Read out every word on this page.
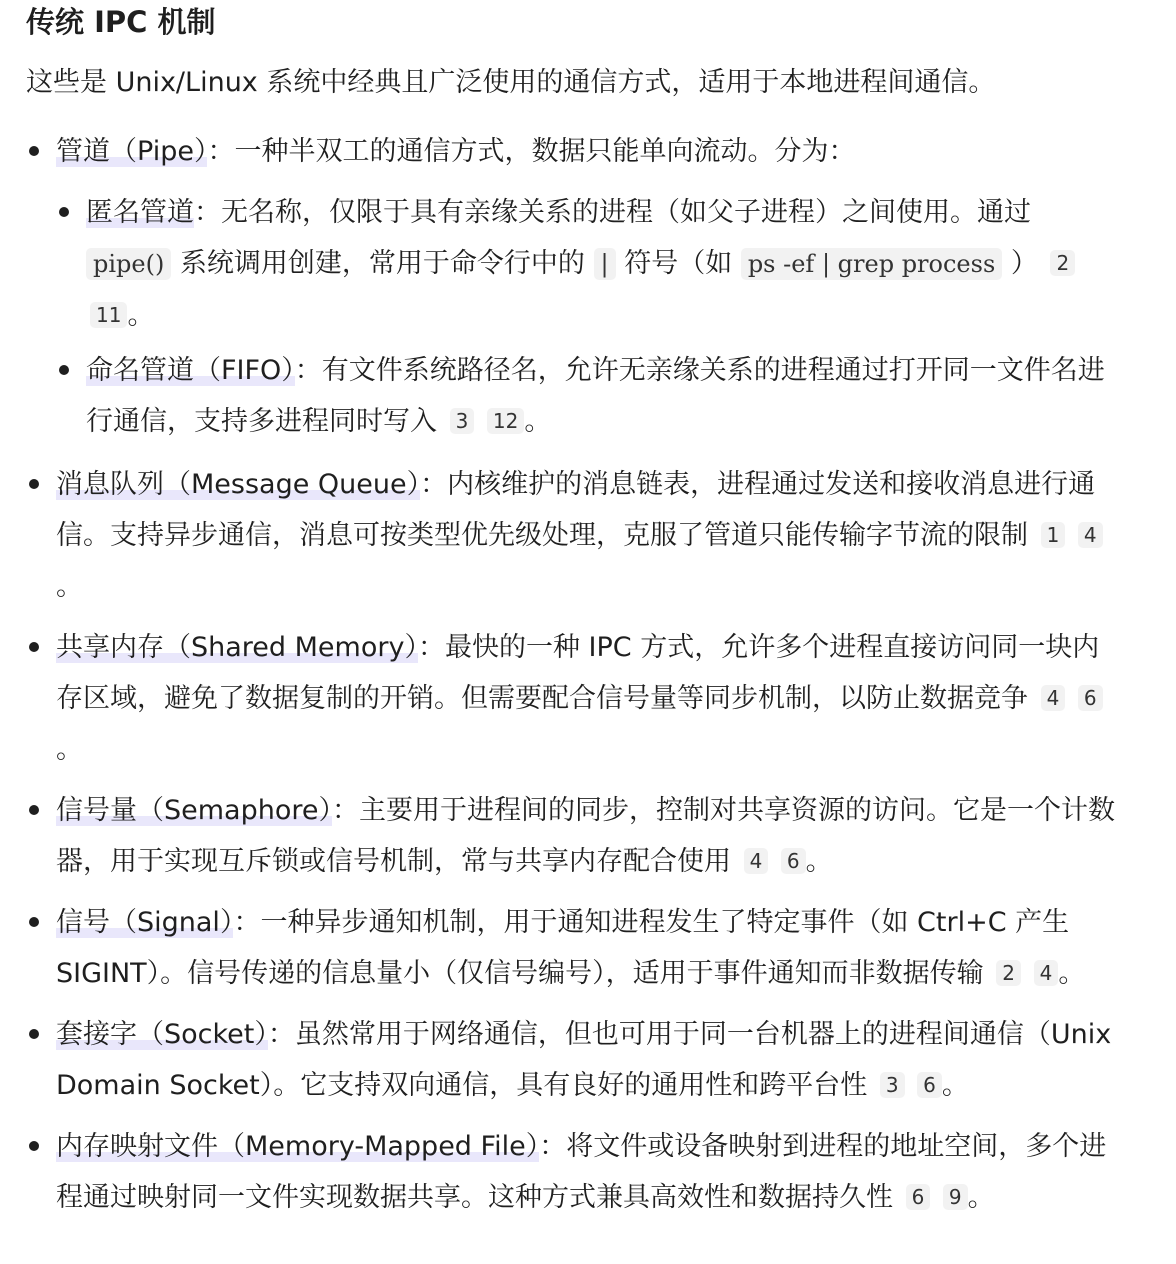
传统 IPC 机制

这些是 Unix/Linux 系统中经典且广泛使用的通信方式，适用于本地进程间通信。

管道（Pipe）：一种半双工的通信方式，数据只能单向流动。分为：
匿名管道：无名称，仅限于具有亲缘关系的进程（如父子进程）之间使用。通过 pipe() 系统调用创建，常用于命令行中的 | 符号（如 ps -ef | grep process ） 2 11 。
命名管道（FIFO）：有文件系统路径名，允许无亲缘关系的进程通过打开同一文件名进行通信，支持多进程同时写入 3 12 。
消息队列（Message Queue）：内核维护的消息链表，进程通过发送和接收消息进行通信。支持异步通信，消息可按类型优先级处理，克服了管道只能传输字节流的限制 1 4。
共享内存（Shared Memory）：最快的一种 IPC 方式，允许多个进程直接访问同一块内存区域，避免了数据复制的开销。但需要配合信号量等同步机制，以防止数据竞争 4 6。
信号量（Semaphore）：主要用于进程间的同步，控制对共享资源的访问。它是一个计数器，用于实现互斥锁或信号机制，常与共享内存配合使用 4 6 。
信号（Signal）：一种异步通知机制，用于通知进程发生了特定事件（如 Ctrl+C 产生 SIGINT）。信号传递的信息量小（仅信号编号），适用于事件通知而非数据传输 2 4 。
套接字（Socket）：虽然常用于网络通信，但也可用于同一台机器上的进程间通信（Unix Domain Socket）。它支持双向通信，具有良好的通用性和跨平台性 3 6 。
内存映射文件（Memory-Mapped File）：将文件或设备映射到进程的地址空间，多个进程通过映射同一文件实现数据共享。这种方式兼具高效性和数据持久性 6 9 。
